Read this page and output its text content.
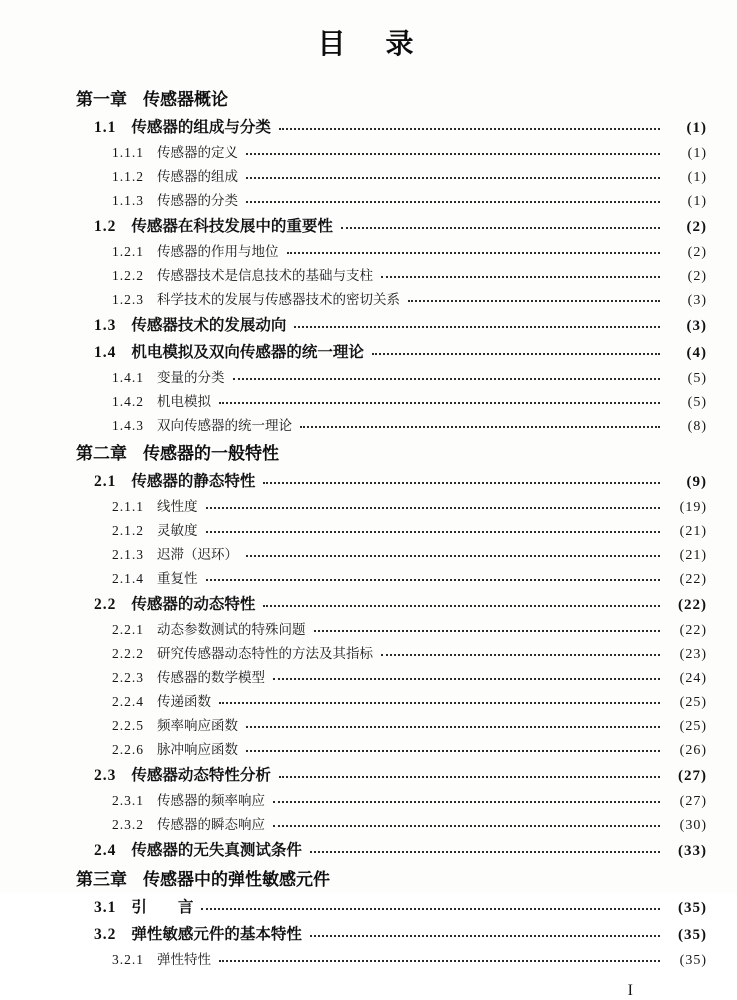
目　录
第一章 传感器概论
1.1 传感器的组成与分类	(1)
1.1.1 传感器的定义	(1)
1.1.2 传感器的组成	(1)
1.1.3 传感器的分类	(1)
1.2 传感器在科技发展中的重要性	(2)
1.2.1 传感器的作用与地位	(2)
1.2.2 传感器技术是信息技术的基础与支柱	(2)
1.2.3 科学技术的发展与传感器技术的密切关系	(3)
1.3 传感器技术的发展动向	(3)
1.4 机电模拟及双向传感器的统一理论	(4)
1.4.1 变量的分类	(5)
1.4.2 机电模拟	(5)
1.4.3 双向传感器的统一理论	(8)
第二章 传感器的一般特性
2.1 传感器的静态特性	(9)
2.1.1 线性度	(19)
2.1.2 灵敏度	(21)
2.1.3 迟滞（迟环）	(21)
2.1.4 重复性	(22)
2.2 传感器的动态特性	(22)
2.2.1 动态参数测试的特殊问题	(22)
2.2.2 研究传感器动态特性的方法及其指标	(23)
2.2.3 传感器的数学模型	(24)
2.2.4 传递函数	(25)
2.2.5 频率响应函数	(25)
2.2.6 脉冲响应函数	(26)
2.3 传感器动态特性分析	(27)
2.3.1 传感器的频率响应	(27)
2.3.2 传感器的瞬态响应	(30)
2.4 传感器的无失真测试条件	(33)
第三章 传感器中的弹性敏感元件
3.1 引　　言	(35)
3.2 弹性敏感元件的基本特性	(35)
3.2.1 弹性特性	(35)
I
